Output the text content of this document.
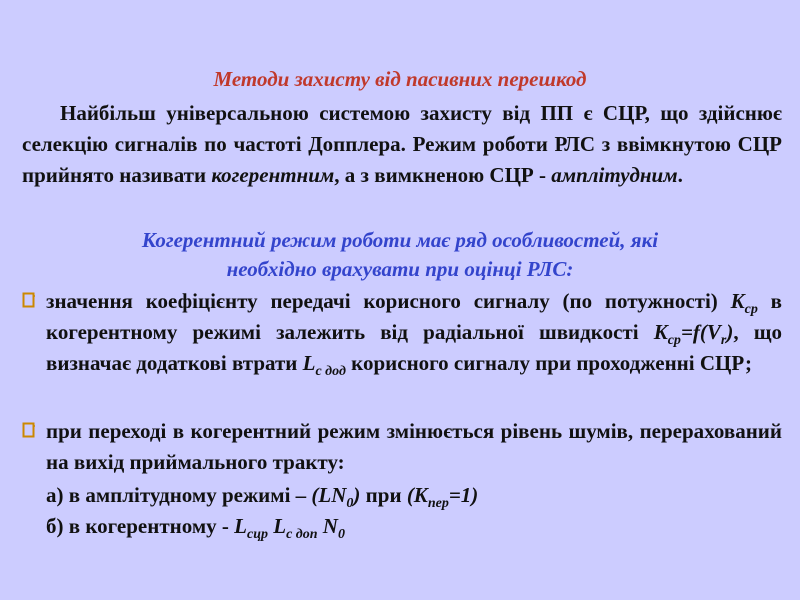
Методи захисту від пасивних перешкод
Найбільш універсальною системою захисту від ПП є СЦР, що здійснює селекцію сигналів по частоті Допплера. Режим роботи РЛС з ввімкнутою СЦР прийнято називати когерентним, а з вимкненою СЦР - амплітудним.
Когерентний режим роботи має ряд особливостей, які
необхідно врахувати при оцінці РЛС:
значення коефіцієнту передачі корисного сигналу (по потужності) $K_{ср}$ в когерентному режимі залежить від радіальної швидкості $K_{ср}=f(V_r)$, що визначає додаткові втрати $L_{с дод}$ корисного сигналу при проходженні СЦР;
при переході в когерентний режим змінюється рівень шумів, перерахований на вихід приймального тракту:
а) в амплітудному режимі – $(LN_0)$ при $(K_{пер}=1)$
б) в когерентному - $L_{сцр}$ $L_{с доп}$ $N_0$
